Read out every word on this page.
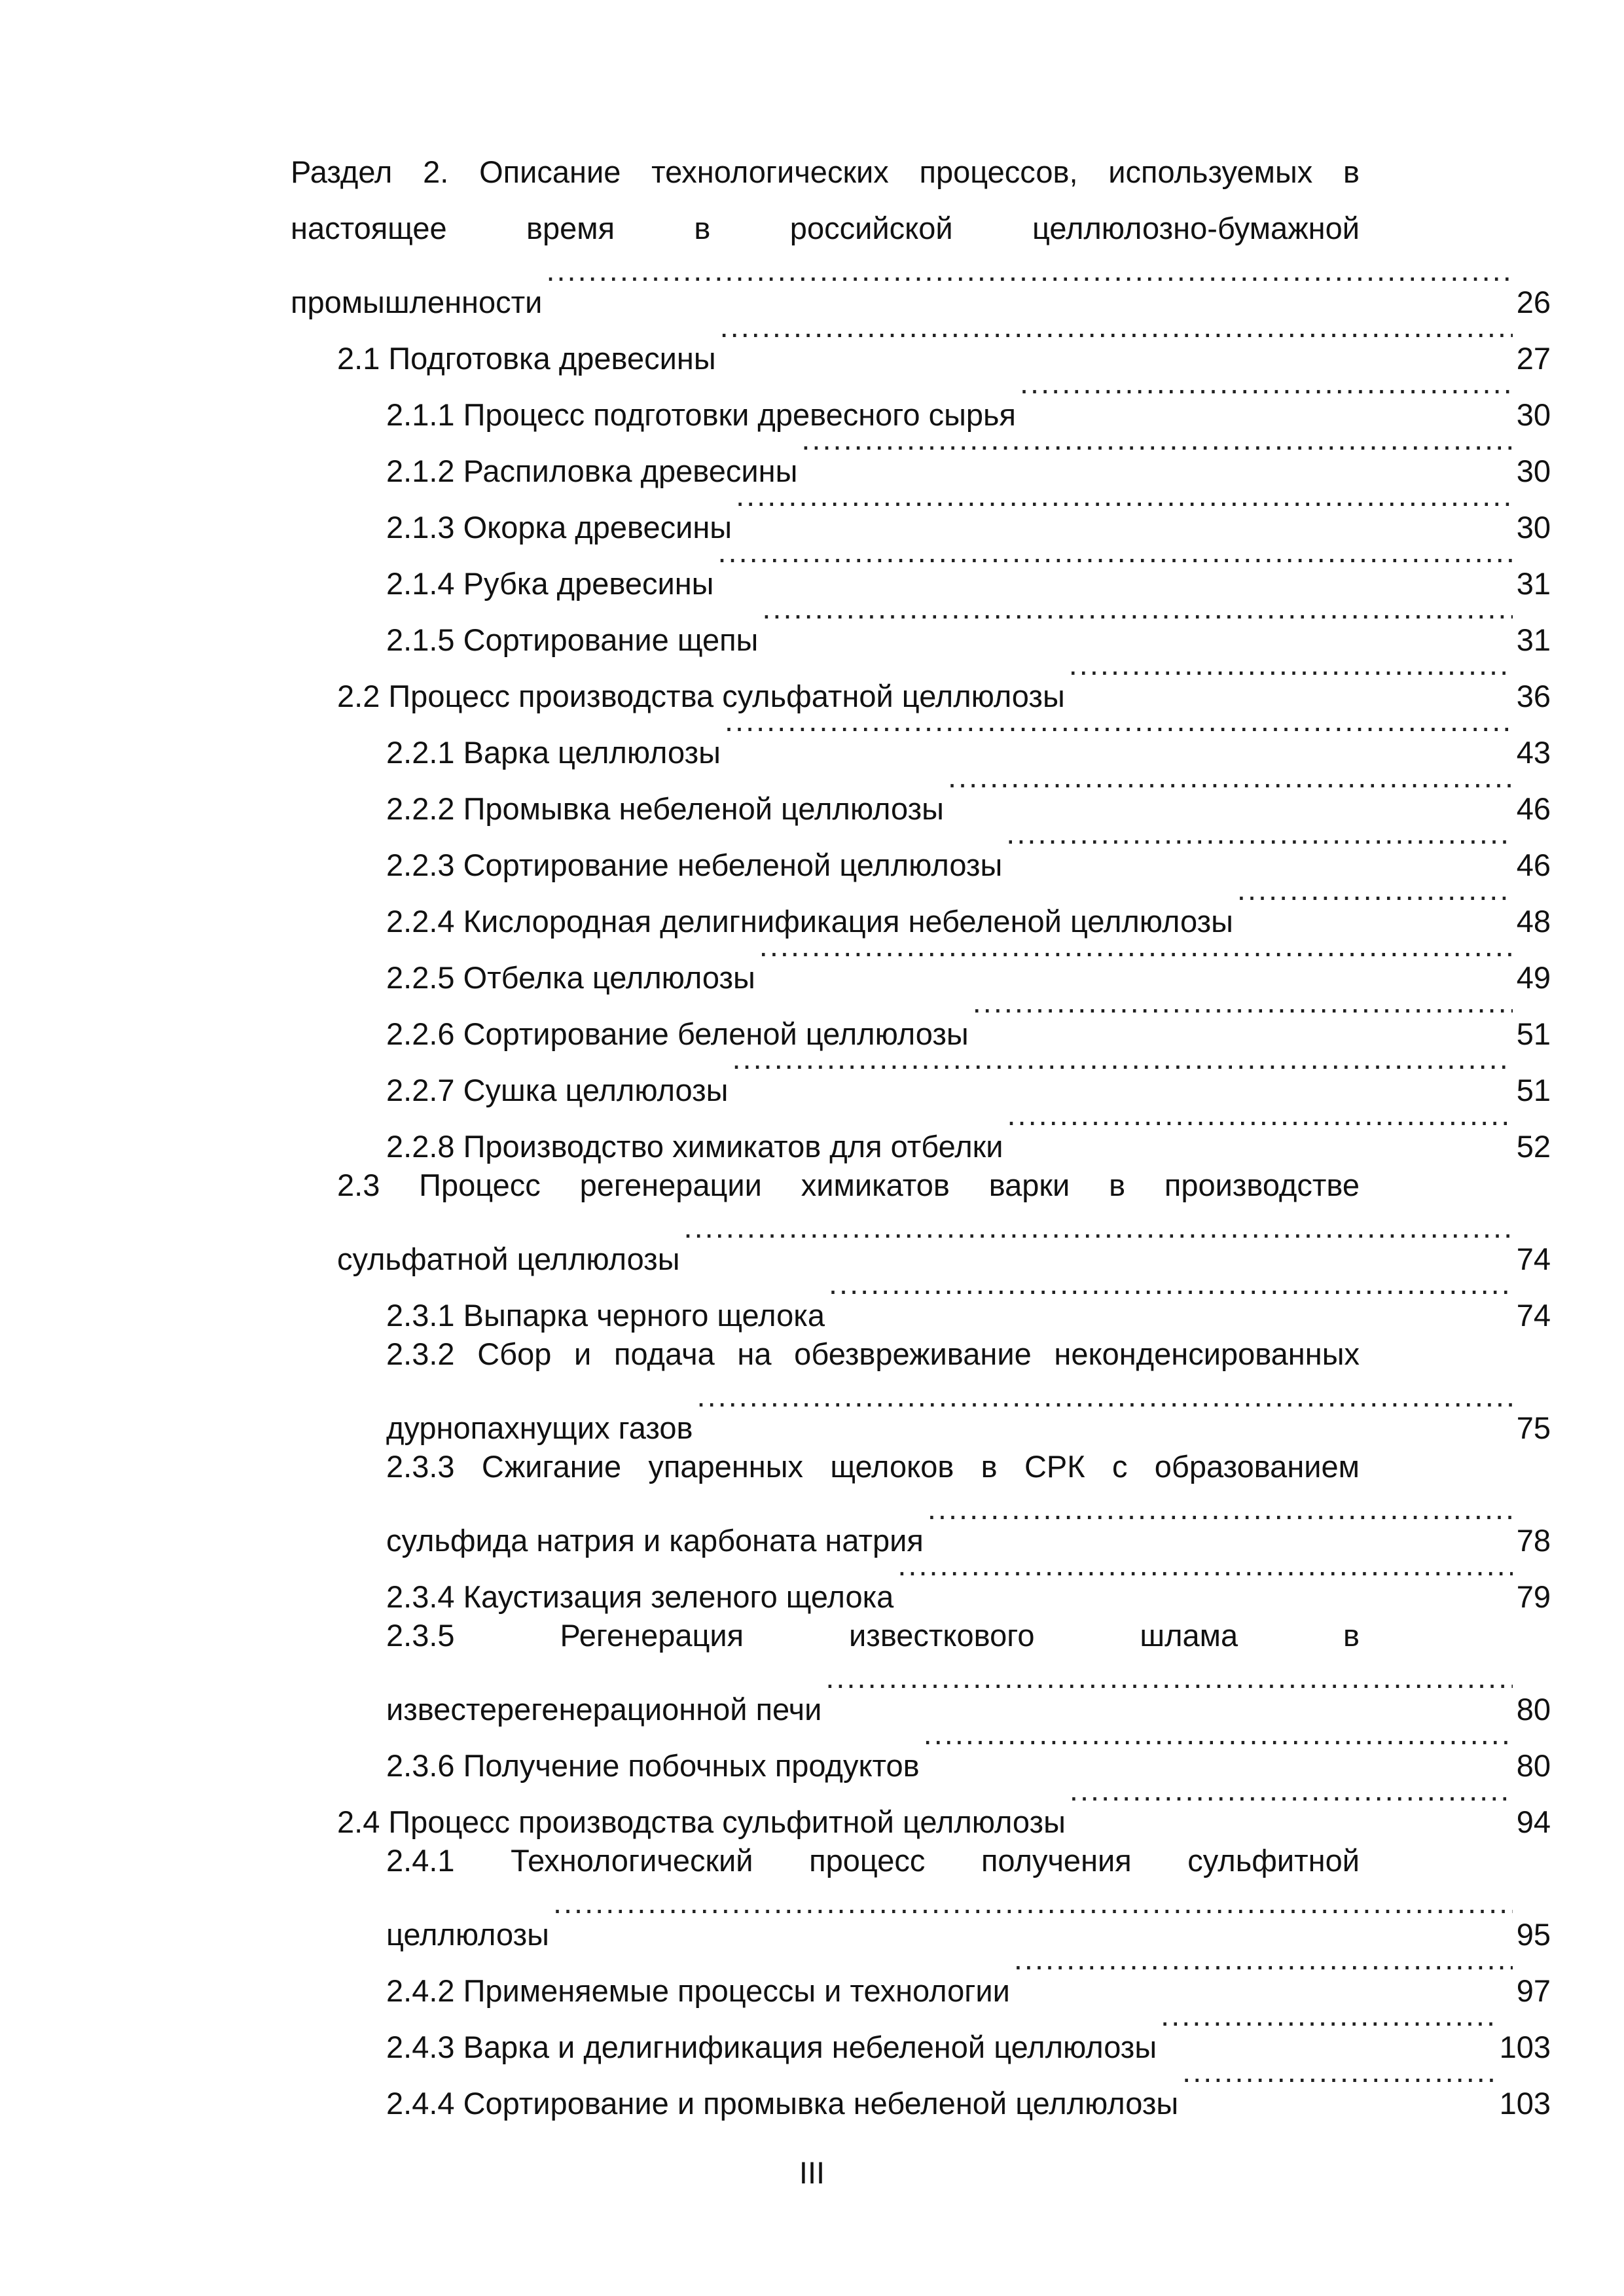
Раздел 2. Описание технологических процессов, используемых в
настоящее время в российской целлюлозно-бумажной
промышленности .....	26
2.1 Подготовка древесины .....	27
2.1.1 Процесс подготовки древесного сырья .....	30
2.1.2 Распиловка древесины .....	30
2.1.3 Окорка древесины .....	30
2.1.4 Рубка древесины .....	31
2.1.5 Сортирование щепы .....	31
2.2 Процесс производства сульфатной целлюлозы .....	36
2.2.1 Варка целлюлозы .....	43
2.2.2 Промывка небеленой целлюлозы .....	46
2.2.3 Сортирование небеленой целлюлозы .....	46
2.2.4 Кислородная делигнификация небеленой целлюлозы .....	48
2.2.5 Отбелка целлюлозы .....	49
2.2.6 Сортирование беленой целлюлозы .....	51
2.2.7 Сушка целлюлозы .....	51
2.2.8 Производство химикатов для отбелки .....	52
2.3 Процесс регенерации химикатов варки в производстве
сульфатной целлюлозы .....	74
2.3.1 Выпарка черного щелока .....	74
2.3.2 Сбор и подача на обезвреживание неконденсированных
дурнопахнущих газов .....	75
2.3.3 Сжигание упаренных щелоков в СРК с образованием
сульфида натрия и карбоната натрия .....	78
2.3.4 Каустизация зеленого щелока .....	79
2.3.5 Регенерация известкового шлама в
известерегенерационной печи .....	80
2.3.6 Получение побочных продуктов .....	80
2.4 Процесс производства сульфитной целлюлозы .....	94
2.4.1 Технологический процесс получения сульфитной
целлюлозы .....	95
2.4.2 Применяемые процессы и технологии .....	97
2.4.3 Варка и делигнификация небеленой целлюлозы .....	103
2.4.4 Сортирование и промывка небеленой целлюлозы .....	103
III
